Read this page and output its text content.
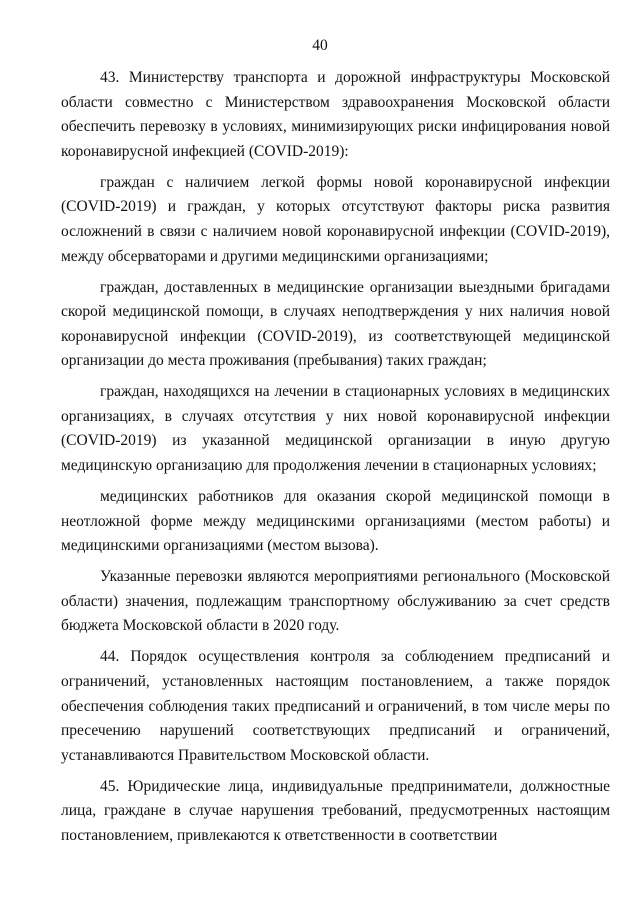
40

43. Министерству транспорта и дорожной инфраструктуры Московской области совместно с Министерством здравоохранения Московской области обеспечить перевозку в условиях, минимизирующих риски инфицирования новой коронавирусной инфекцией (COVID-2019):

граждан с наличием легкой формы новой коронавирусной инфекции (COVID-2019) и граждан, у которых отсутствуют факторы риска развития осложнений в связи с наличием новой коронавирусной инфекции (COVID-2019), между обсерваторами и другими медицинскими организациями;

граждан, доставленных в медицинские организации выездными бригадами скорой медицинской помощи, в случаях неподтверждения у них наличия новой коронавирусной инфекции (COVID-2019), из соответствующей медицинской организации до места проживания (пребывания) таких граждан;

граждан, находящихся на лечении в стационарных условиях в медицинских организациях, в случаях отсутствия у них новой коронавирусной инфекции (COVID-2019) из указанной медицинской организации в иную другую медицинскую организацию для продолжения лечении в стационарных условиях;

медицинских работников для оказания скорой медицинской помощи в неотложной форме между медицинскими организациями (местом работы) и медицинскими организациями (местом вызова).

Указанные перевозки являются мероприятиями регионального (Московской области) значения, подлежащим транспортному обслуживанию за счет средств бюджета Московской области в 2020 году.

44. Порядок осуществления контроля за соблюдением предписаний и ограничений, установленных настоящим постановлением, а также порядок обеспечения соблюдения таких предписаний и ограничений, в том числе меры по пресечению нарушений соответствующих предписаний и ограничений, устанавливаются Правительством Московской области.

45. Юридические лица, индивидуальные предприниматели, должностные лица, граждане в случае нарушения требований, предусмотренных настоящим постановлением, привлекаются к ответственности в соответствии
